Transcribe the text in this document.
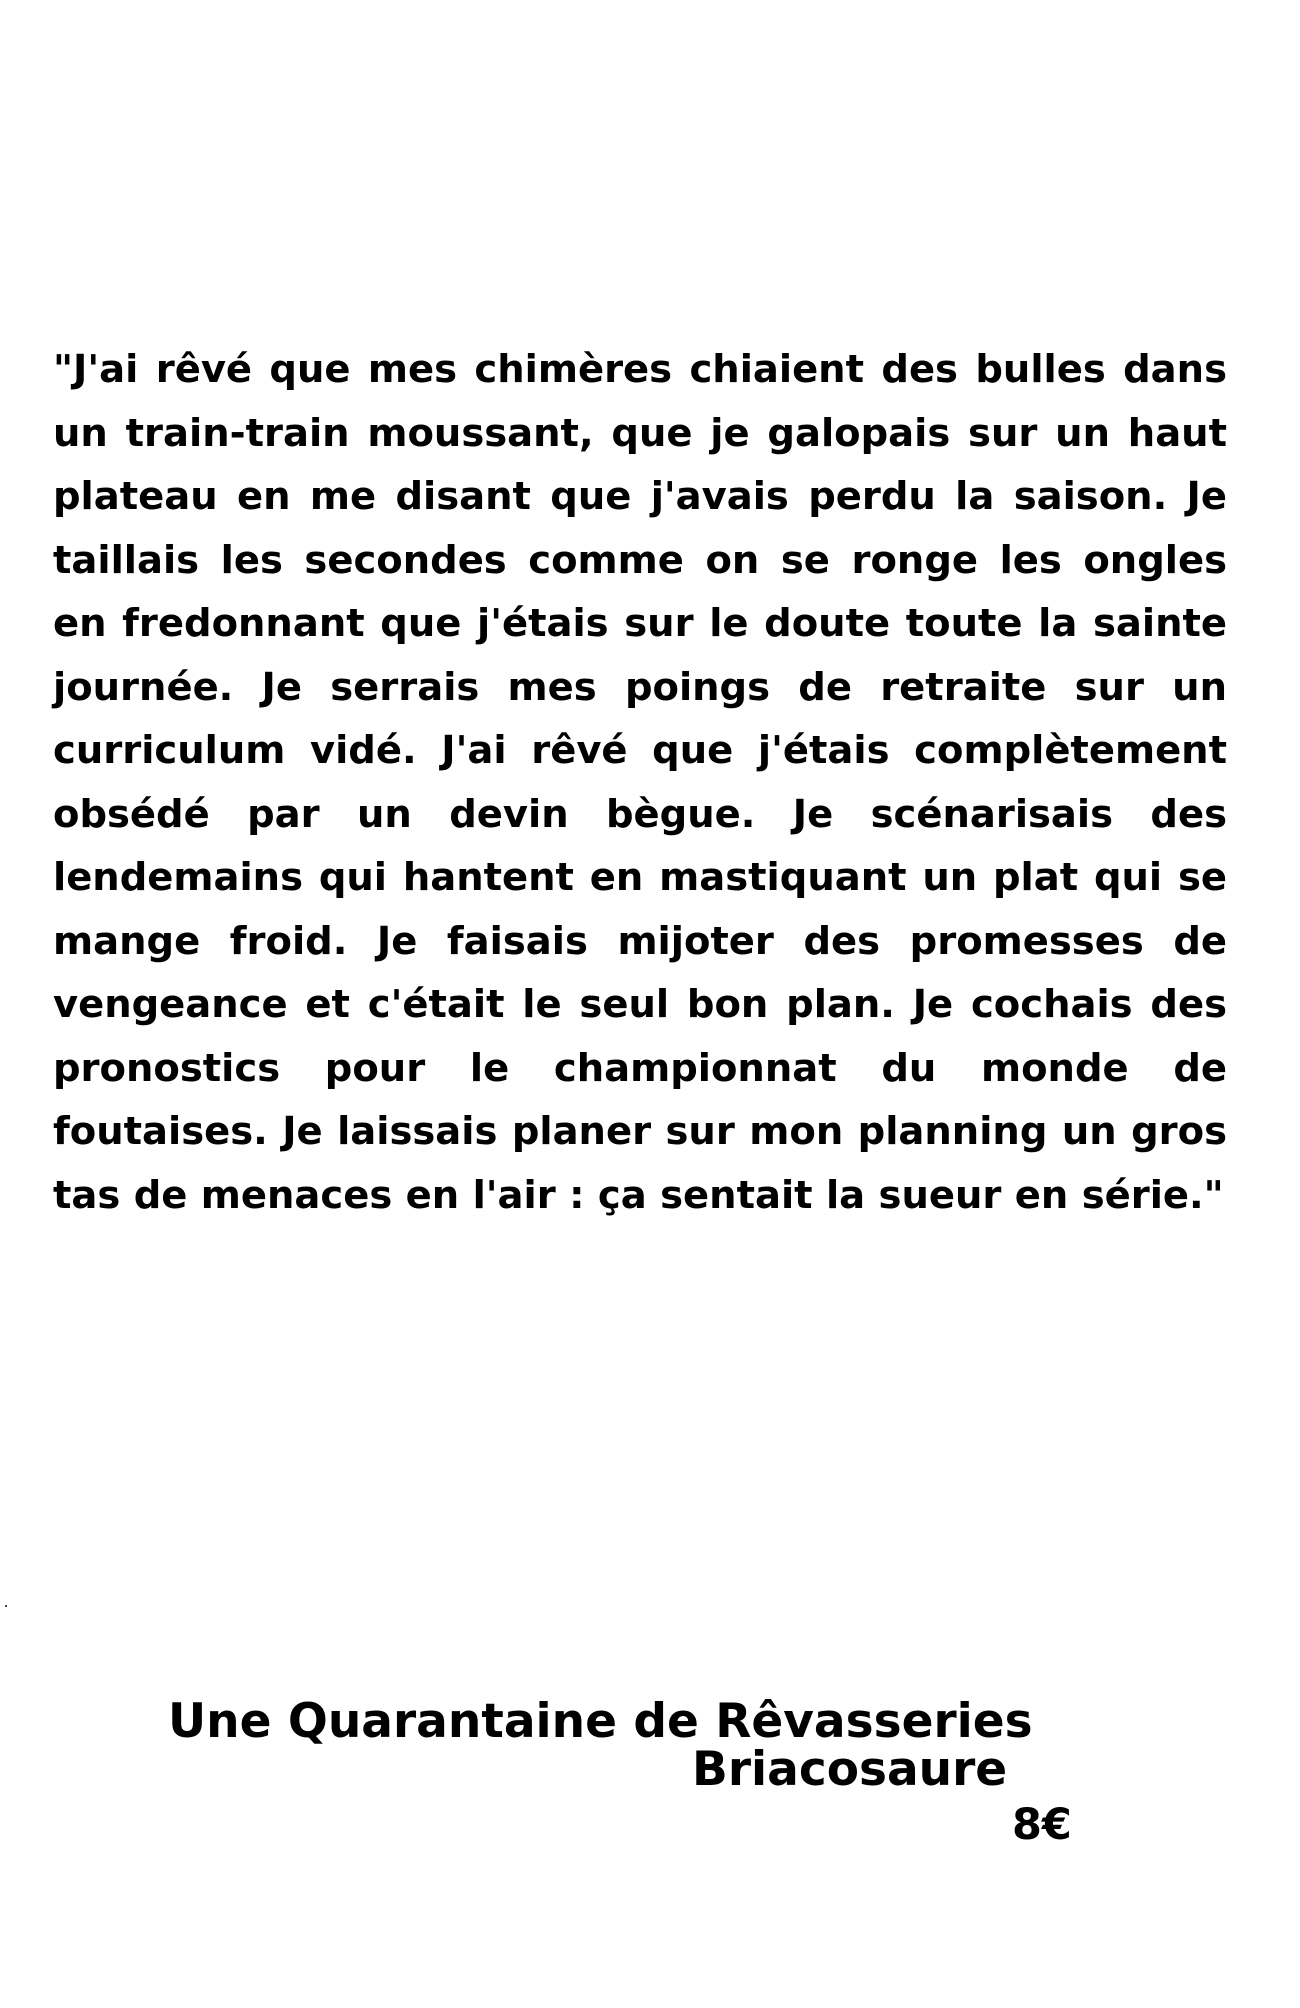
"J'ai rêvé que mes chimères chiaient des bulles dans un train-train moussant, que je galopais sur un haut plateau en me disant que j'avais perdu la saison. Je taillais les secondes comme on se ronge les ongles en fredonnant que j'étais sur le doute toute la sainte journée. Je serrais mes poings de retraite sur un curriculum vidé. J'ai rêvé que j'étais complètement obsédé par un devin bègue. Je scénarisais des lendemains qui hantent en mastiquant un plat qui se mange froid. Je faisais mijoter des promesses de vengeance et c'était le seul bon plan. Je cochais des pronostics pour le championnat du monde de foutaises. Je laissais planer sur mon planning un gros tas de menaces en l'air : ça sentait la sueur en série."

Une Quarantaine de Rêvasseries
Briacosaure
8€
